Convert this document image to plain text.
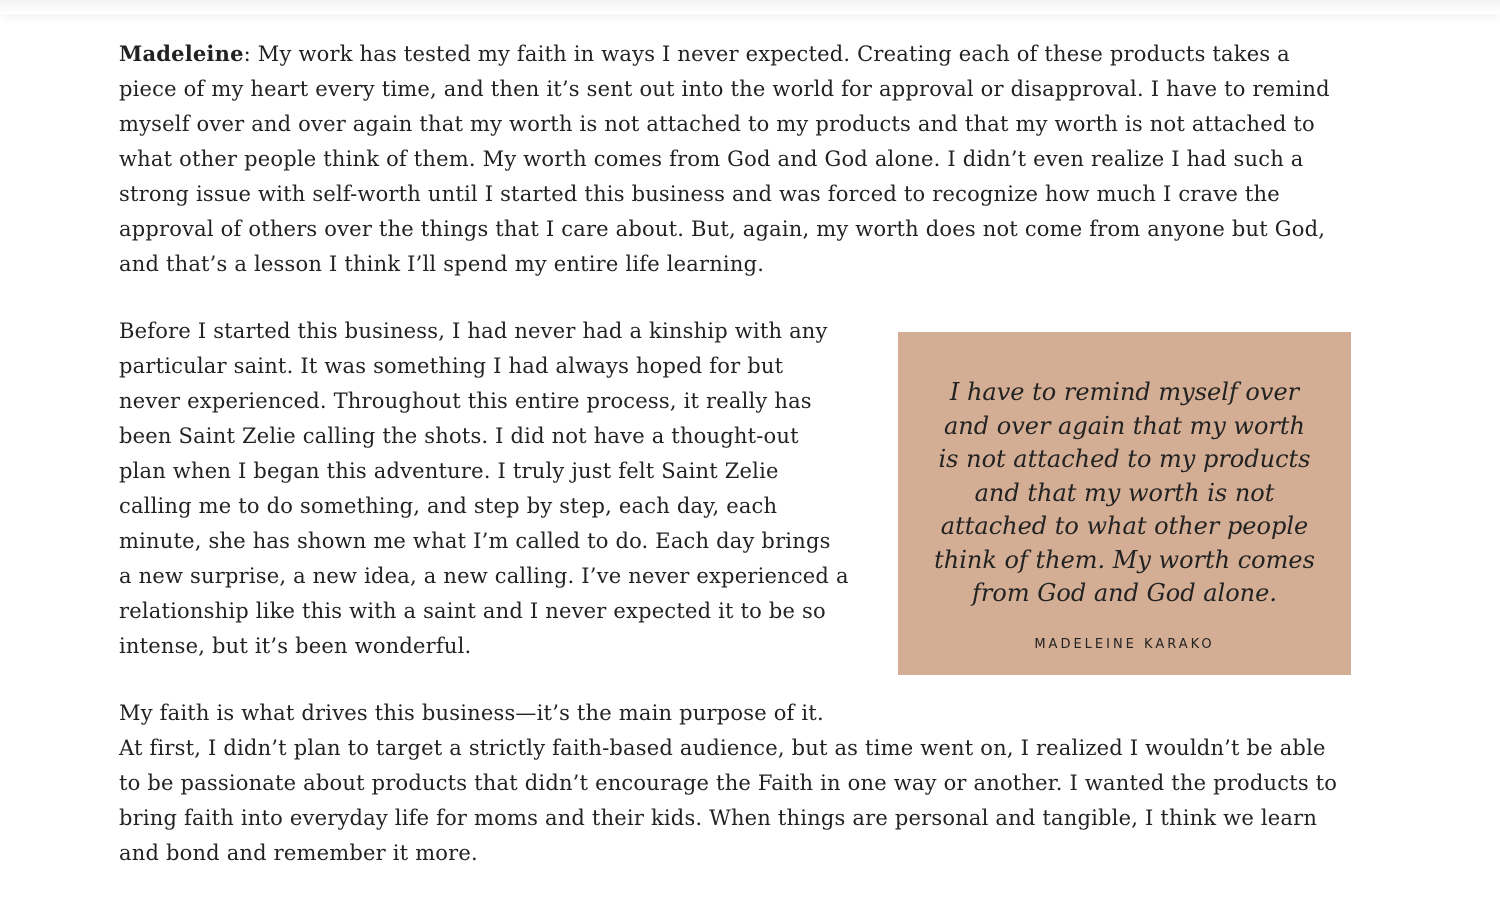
Madeleine: My work has tested my faith in ways I never expected. Creating each of these products takes a piece of my heart every time, and then it’s sent out into the world for approval or disapproval. I have to remind myself over and over again that my worth is not attached to my products and that my worth is not attached to what other people think of them. My worth comes from God and God alone. I didn’t even realize I had such a strong issue with self-worth until I started this business and was forced to recognize how much I crave the approval of others over the things that I care about. But, again, my worth does not come from anyone but God, and that’s a lesson I think I’ll spend my entire life learning.

I have to remind myself over and over again that my worth is not attached to my products and that my worth is not attached to what other people think of them. My worth comes from God and God alone.
MADELEINE KARAKO

Before I started this business, I had never had a kinship with any particular saint. It was something I had always hoped for but never experienced. Throughout this entire process, it really has been Saint Zelie calling the shots. I did not have a thought-out plan when I began this adventure. I truly just felt Saint Zelie calling me to do something, and step by step, each day, each minute, she has shown me what I’m called to do. Each day brings a new surprise, a new idea, a new calling. I’ve never experienced a relationship like this with a saint and I never expected it to be so intense, but it’s been wonderful.

My faith is what drives this business—it’s the main purpose of it. At first, I didn’t plan to target a strictly faith-based audience, but as time went on, I realized I wouldn’t be able to be passionate about products that didn’t encourage the Faith in one way or another. I wanted the products to bring faith into everyday life for moms and their kids. When things are personal and tangible, I think we learn and bond and remember it more.
